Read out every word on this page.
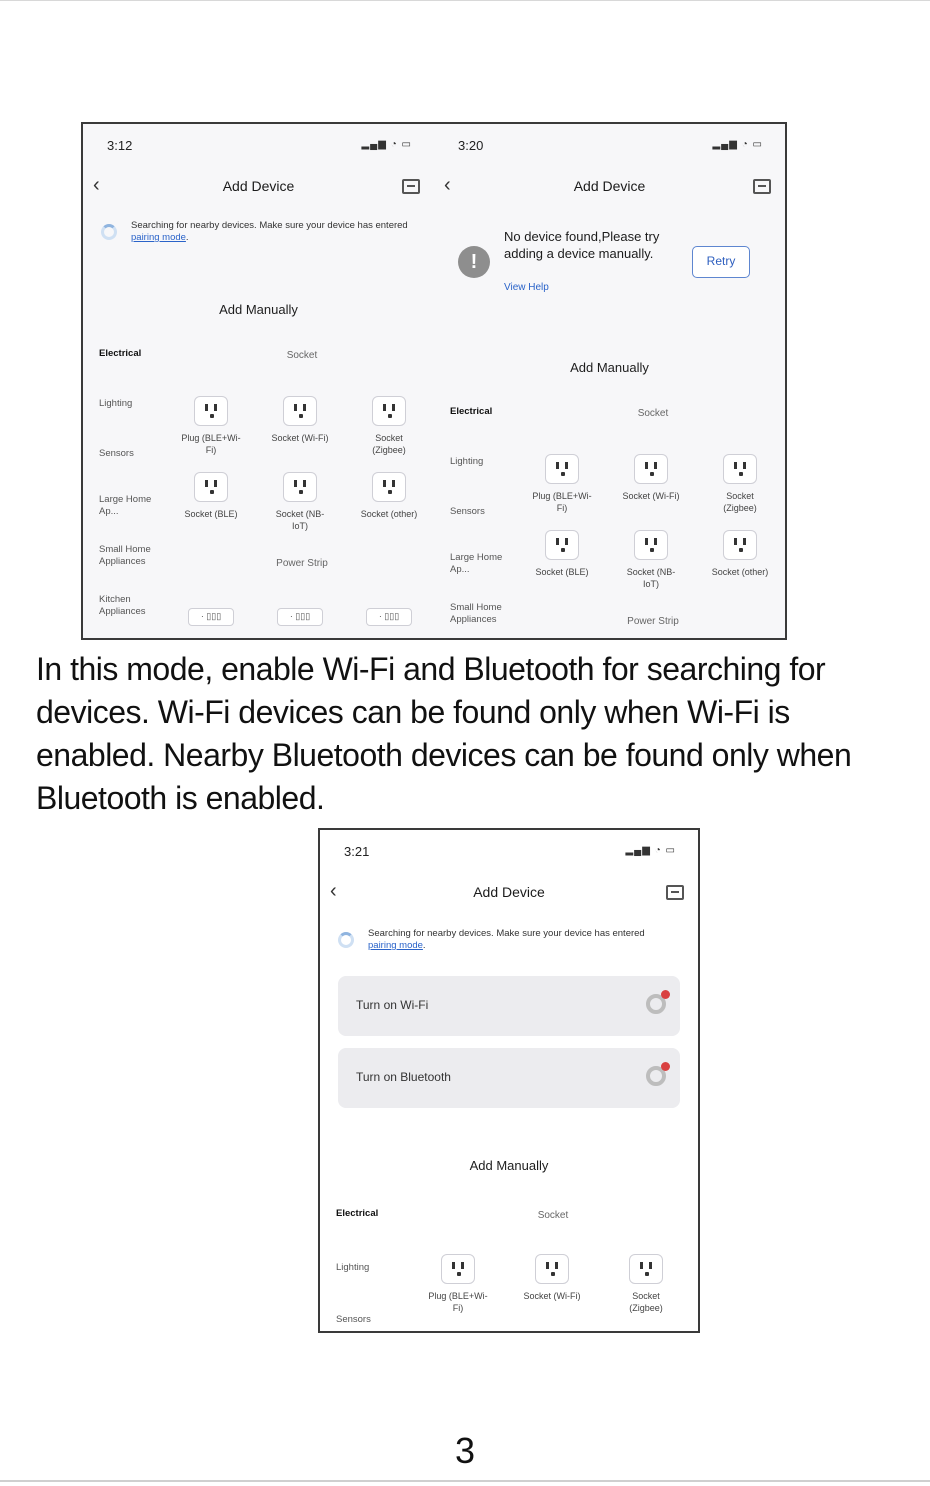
3:12	▂▄▆ ◔ ▭
‹	Add Device
Searching for nearby devices. Make sure your device has entered pairing mode.
Add Manually
Electrical
Lighting
Sensors
Large Home Ap...
Small Home Appliances
Kitchen Appliances
Socket
Plug (BLE+Wi-Fi)
Socket (Wi-Fi)	Socket (Zigbee)
Socket (BLE)	Socket (NB-IoT)
Socket (other)
Power Strip
· ▯▯▯	· ▯▯▯	· ▯▯▯
3:20	▂▄▆ ◔ ▭
‹	Add Device
!
No device found,Please try adding a device manually.
View Help
Retry
Add Manually
Electrical
Lighting
Sensors
Large Home Ap...
Small Home Appliances
Socket
Plug (BLE+Wi-Fi)
Socket (Wi-Fi)	Socket (Zigbee)
Socket (BLE)	Socket (NB-IoT)
Socket (other)
Power Strip
In this mode, enable Wi-Fi and Bluetooth for searching for devices. Wi-Fi devices can be found only when Wi-Fi is enabled. Nearby Bluetooth devices can be found only when Bluetooth is enabled.
3:21	▂▄▆ ◔ ▭
‹	Add Device
Searching for nearby devices. Make sure your device has entered pairing mode.
Turn on Wi-Fi
Turn on Bluetooth
Add Manually
Electrical
Lighting
Sensors
Socket
Plug (BLE+Wi-Fi)
Socket (Wi-Fi)	Socket (Zigbee)
3
